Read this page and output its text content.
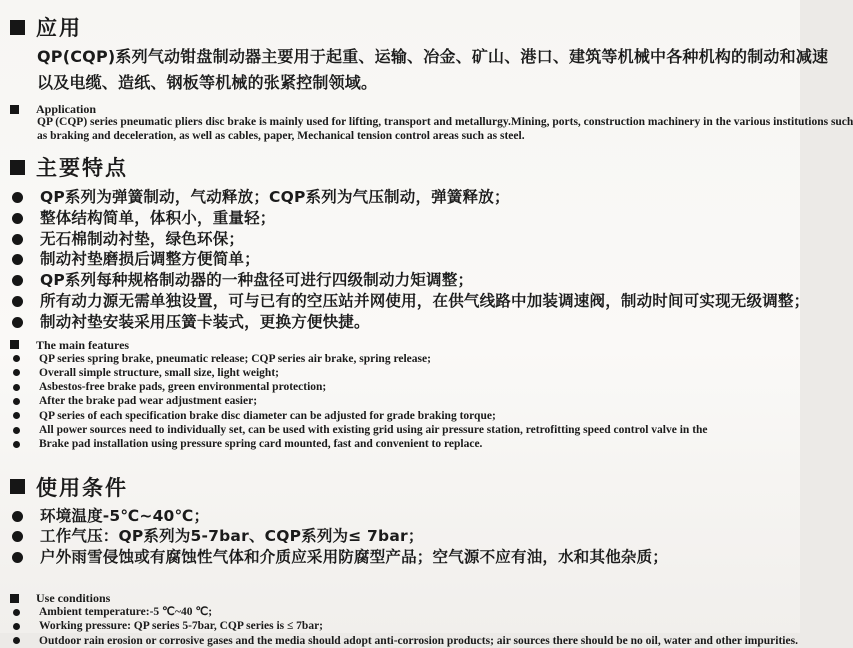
应用
QP(CQP)系列气动钳盘制动器主要用于起重、运输、冶金、矿山、港口、建筑等机械中各种机构的制动和减速
以及电缆、造纸、钢板等机械的张紧控制领域。
Application
QP (CQP) series pneumatic pliers disc brake is mainly used for lifting, transport and metallurgy.Mining, ports, construction machinery in the various institutions such
as braking and deceleration, as well as cables, paper, Mechanical tension control areas such as steel.
主要特点
QP系列为弹簧制动，气动释放；CQP系列为气压制动，弹簧释放；
整体结构简单，体积小，重量轻；
无石棉制动衬垫，绿色环保；
制动衬垫磨损后调整方便简单；
QP系列每种规格制动器的一种盘径可进行四级制动力矩调整；
所有动力源无需单独设置，可与已有的空压站并网使用，在供气线路中加装调速阀，制动时间可实现无级调整；
制动衬垫安装采用压簧卡装式，更换方便快捷。
The main features
QP series spring brake, pneumatic release; CQP series air brake, spring release;
Overall simple structure, small size, light weight;
Asbestos-free brake pads, green environmental protection;
After the brake pad wear adjustment easier;
QP series of each specification brake disc diameter can be adjusted for grade braking torque;
All power sources need to individually set, can be used with existing grid using air pressure station, retrofitting speed control valve in the
Brake pad installation using pressure spring card mounted, fast and convenient to replace.
使用条件
环境温度-5℃~40℃；
工作气压：QP系列为5-7bar、CQP系列为≤ 7bar；
户外雨雪侵蚀或有腐蚀性气体和介质应采用防腐型产品；空气源不应有油，水和其他杂质；
Use conditions
Ambient temperature:-5 ℃~40 ℃;
Working pressure: QP series 5-7bar, CQP series is ≤ 7bar;
Outdoor rain erosion or corrosive gases and the media should adopt anti-corrosion products; air sources there should be no oil, water and other impurities.
